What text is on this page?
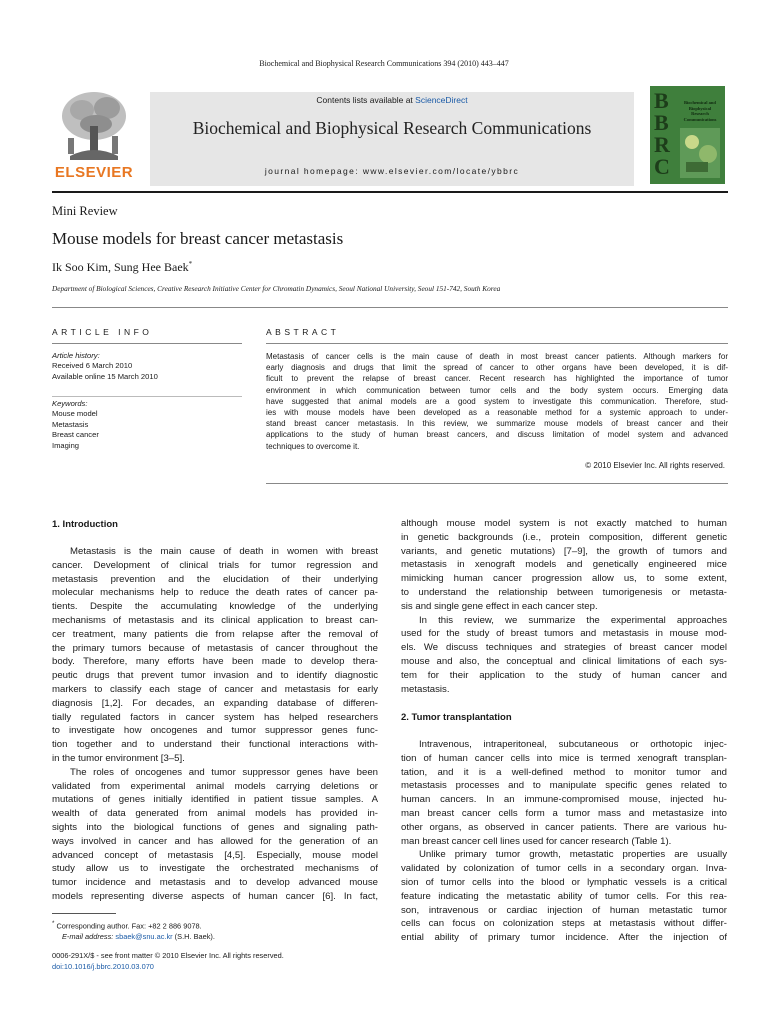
Biochemical and Biophysical Research Communications 394 (2010) 443–447
ELSEVIER
Contents lists available at ScienceDirect
Biochemical and Biophysical Research Communications
journal homepage: www.elsevier.com/locate/ybbrc
B
B
R
C
Biochemical and
Biophysical
Research
Communications
Mini Review
Mouse models for breast cancer metastasis
Ik Soo Kim, Sung Hee Baek*
Department of Biological Sciences, Creative Research Initiative Center for Chromatin Dynamics, Seoul National University, Seoul 151-742, South Korea
ARTICLE INFO	ABSTRACT
Article history:
Received 6 March 2010
Available online 15 March 2010
Keywords:
Mouse model
Metastasis
Breast cancer
Imaging
Metastasis of cancer cells is the main cause of death in most breast cancer patients. Although markers for
early diagnosis and drugs that limit the spread of cancer to other organs have been developed, it is dif-
ficult to prevent the relapse of breast cancer. Recent research has highlighted the importance of tumor
environment in which communication between tumor cells and the body system occurs. Emerging data
have suggested that animal models are a good system to investigate this communication. Therefore, stud-
ies with mouse models have been developed as a reasonable method for a systemic approach to under-
stand breast cancer metastasis. In this review, we summarize mouse models of breast cancer and their
applications to the study of human breast cancers, and discuss limitation of model system and advanced
techniques to overcome it.
© 2010 Elsevier Inc. All rights reserved.
1. Introduction
Metastasis is the main cause of death in women with breast
cancer. Development of clinical trials for tumor regression and
metastasis prevention and the elucidation of their underlying
molecular mechanisms help to reduce the death rates of cancer pa-
tients. Despite the accumulating knowledge of the underlying
mechanisms of metastasis and its clinical application to breast can-
cer treatment, many patients die from relapse after the removal of
the primary tumors because of metastasis of cancer throughout the
body. Therefore, many efforts have been made to develop thera-
peutic drugs that prevent tumor invasion and to identify diagnostic
markers to classify each stage of cancer and metastasis for early
diagnosis [1,2]. For decades, an expanding database of differen-
tially regulated factors in cancer system has helped researchers
to investigate how oncogenes and tumor suppressor genes func-
tion together and to understand their functional interactions with-
in the tumor environment [3–5].
The roles of oncogenes and tumor suppressor genes have been
validated from experimental animal models carrying deletions or
mutations of genes initially identified in patient tissue samples. A
wealth of data generated from animal models has provided in-
sights into the biological functions of genes and signaling path-
ways involved in cancer and has allowed for the generation of an
advanced concept of metastasis [4,5]. Especially, mouse model
study allow us to investigate the orchestrated mechanisms of
tumor incidence and metastasis and to develop advanced mouse
models representing diverse aspects of human cancer [6]. In fact,
although mouse model system is not exactly matched to human
in genetic backgrounds (i.e., protein composition, different genetic
variants, and genetic mutations) [7–9], the growth of tumors and
metastasis in xenograft models and genetically engineered mice
mimicking human cancer progression allow us, to some extent,
to understand the relationship between tumorigenesis or metasta-
sis and single gene effect in each cancer step.
In this review, we summarize the experimental approaches
used for the study of breast tumors and metastasis in mouse mod-
els. We discuss techniques and strategies of breast cancer model
mouse and also, the conceptual and clinical limitations of each sys-
tem for their application to the study of human cancer and
metastasis.
2. Tumor transplantation
Intravenous, intraperitoneal, subcutaneous or orthotopic injec-
tion of human cancer cells into mice is termed xenograft transplan-
tation, and it is a well-defined method to monitor tumor and
metastasis processes and to manipulate specific genes related to
human cancers. In an immune-compromised mouse, injected hu-
man breast cancer cells form a tumor mass and metastasize into
other organs, as observed in cancer patients. There are various hu-
man breast cancer cell lines used for cancer research (Table 1).
Unlike primary tumor growth, metastatic properties are usually
validated by colonization of tumor cells in a secondary organ. Inva-
sion of tumor cells into the blood or lymphatic vessels is a critical
feature indicating the metastatic ability of tumor cells. For this rea-
son, intravenous or cardiac injection of human metastatic tumor
cells can focus on colonization steps at metastasis without differ-
ential ability of primary tumor incidence. After the injection of
* Corresponding author. Fax: +82 2 886 9078.
E-mail address: sbaek@snu.ac.kr (S.H. Baek).
0006-291X/$ - see front matter © 2010 Elsevier Inc. All rights reserved.
doi:10.1016/j.bbrc.2010.03.070
